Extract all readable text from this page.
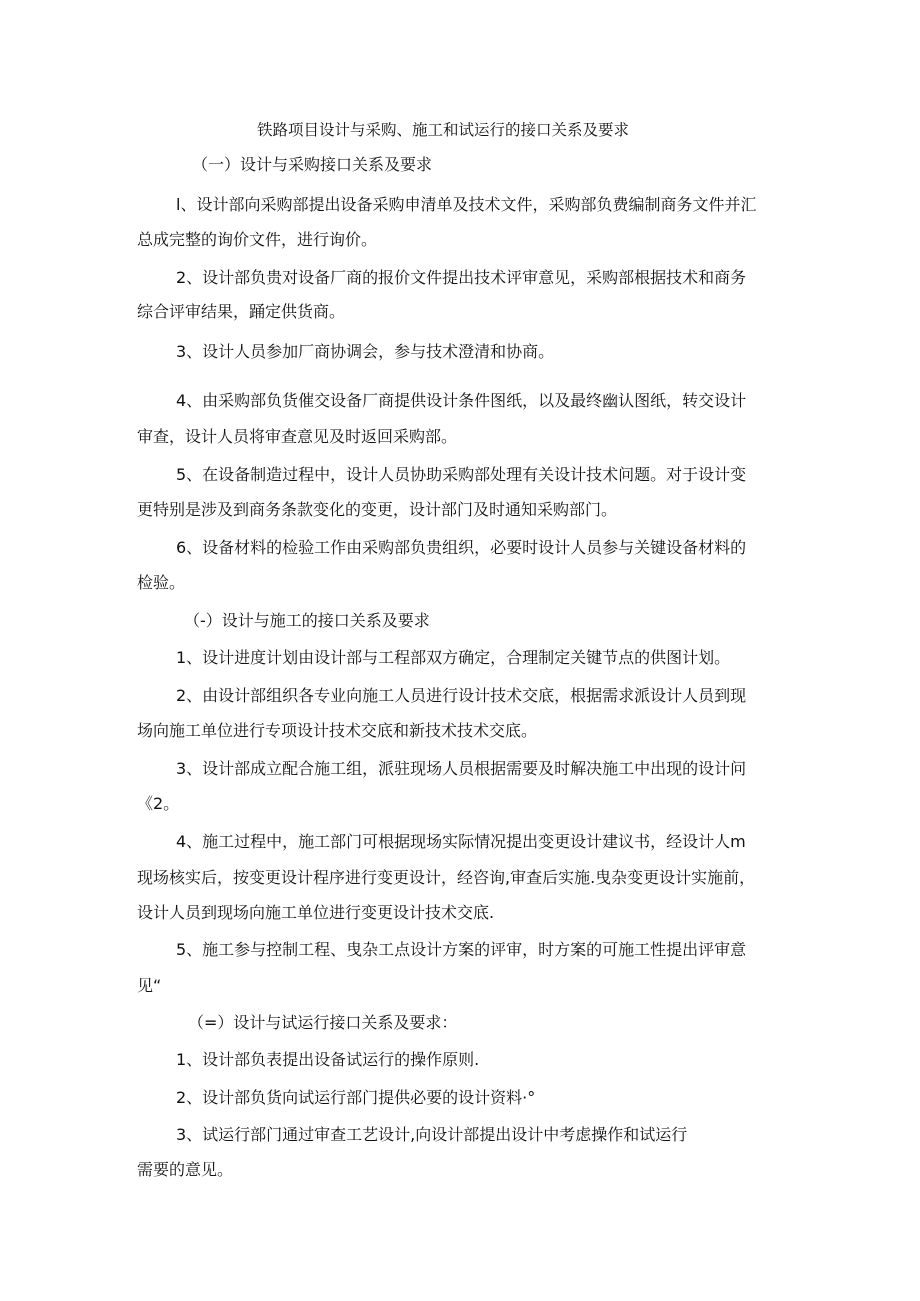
铁路项目设计与采购、施工和试运行的接口关系及要求
（一）设计与采购接口关系及要求
l、设计部向采购部提出设备采购申清单及技术文件，采购部负费编制商务文件并汇
总成完整的询价文件，进行询价。
2、设计部负贵对设备厂商的报价文件提出技术评审意见，采购部根据技术和商务
综合评审结果，踊定供货商。
3、设计人员参加厂商协调会，参与技术澄清和协商。
4、由采购部负货催交设备厂商提供设计条件图纸，以及最终幽认图纸，转交设计
审查，设计人员将审查意见及时返回采购部。
5、在设备制造过程中，设计人员协助采购部处理有关设计技术问题。对于设计变
更特别是涉及到商务条款变化的变更，设计部门及时通知采购部门。
6、设备材料的检验工作由采购部负贵组织，必要时设计人员参与关键设备材料的
检验。
（-）设计与施工的接口关系及要求
1、设计进度计划由设计部与工程部双方确定，合理制定关键节点的供图计划。
2、由设计部组织各专业向施工人员进行设计技术交底，根据需求派设计人员到现
场向施工单位进行专项设计技术交底和新技术技术交底。
3、设计部成立配合施工组，派驻现场人员根据需要及时解决施工中出现的设计问
《2。
4、施工过程中，施工部门可根据现场实际情况提出变更设计建议书，经设计人m
现场核实后，按变更设计程序进行变更设计，经咨询,审查后实施.曳杂变更设计实施前，
设计人员到现场向施工单位进行变更设计技术交底.
5、施工参与控制工程、曳杂工点设计方案的评审，时方案的可施工性提出评审意
见“
（=）设计与试运行接口关系及要求：
1、设计部负表提出设备试运行的操作原则.
2、设计部负货向试运行部门提供必要的设计资料·°
3、试运行部门通过审查工艺设计,向设计部提出设计中考虑操作和试运行
需要的意见。
